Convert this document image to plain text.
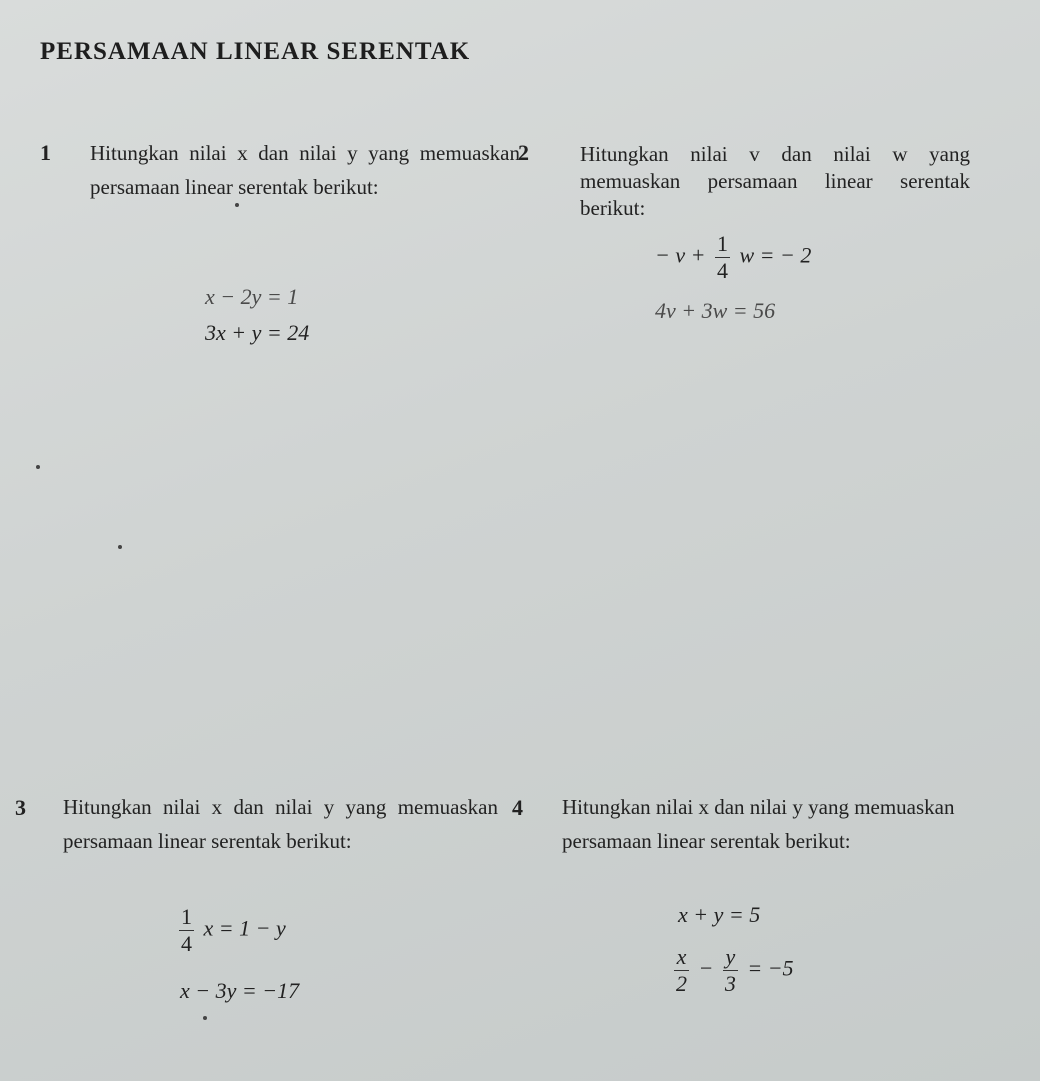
PERSAMAAN LINEAR SERENTAK
1 Hitungkan nilai x dan nilai y yang memuaskan persamaan linear serentak berikut:
x − 2y = 1
3x + y = 24
2 Hitungkan nilai v dan nilai w yang memuaskan persamaan linear serentak berikut:
− $v + \frac{1}{4}$ w = − 2
4v + 3w = 56
3 Hitungkan nilai x dan nilai y yang memuaskan persamaan linear serentak berikut:
$\frac{1}{4}$ x = 1 − y
x − 3y = −17
4 Hitungkan nilai x dan nilai y yang memuaskan persamaan linear serentak berikut:
x + y = 5
$\frac{x}{2} - \frac{y}{3} = -5$
